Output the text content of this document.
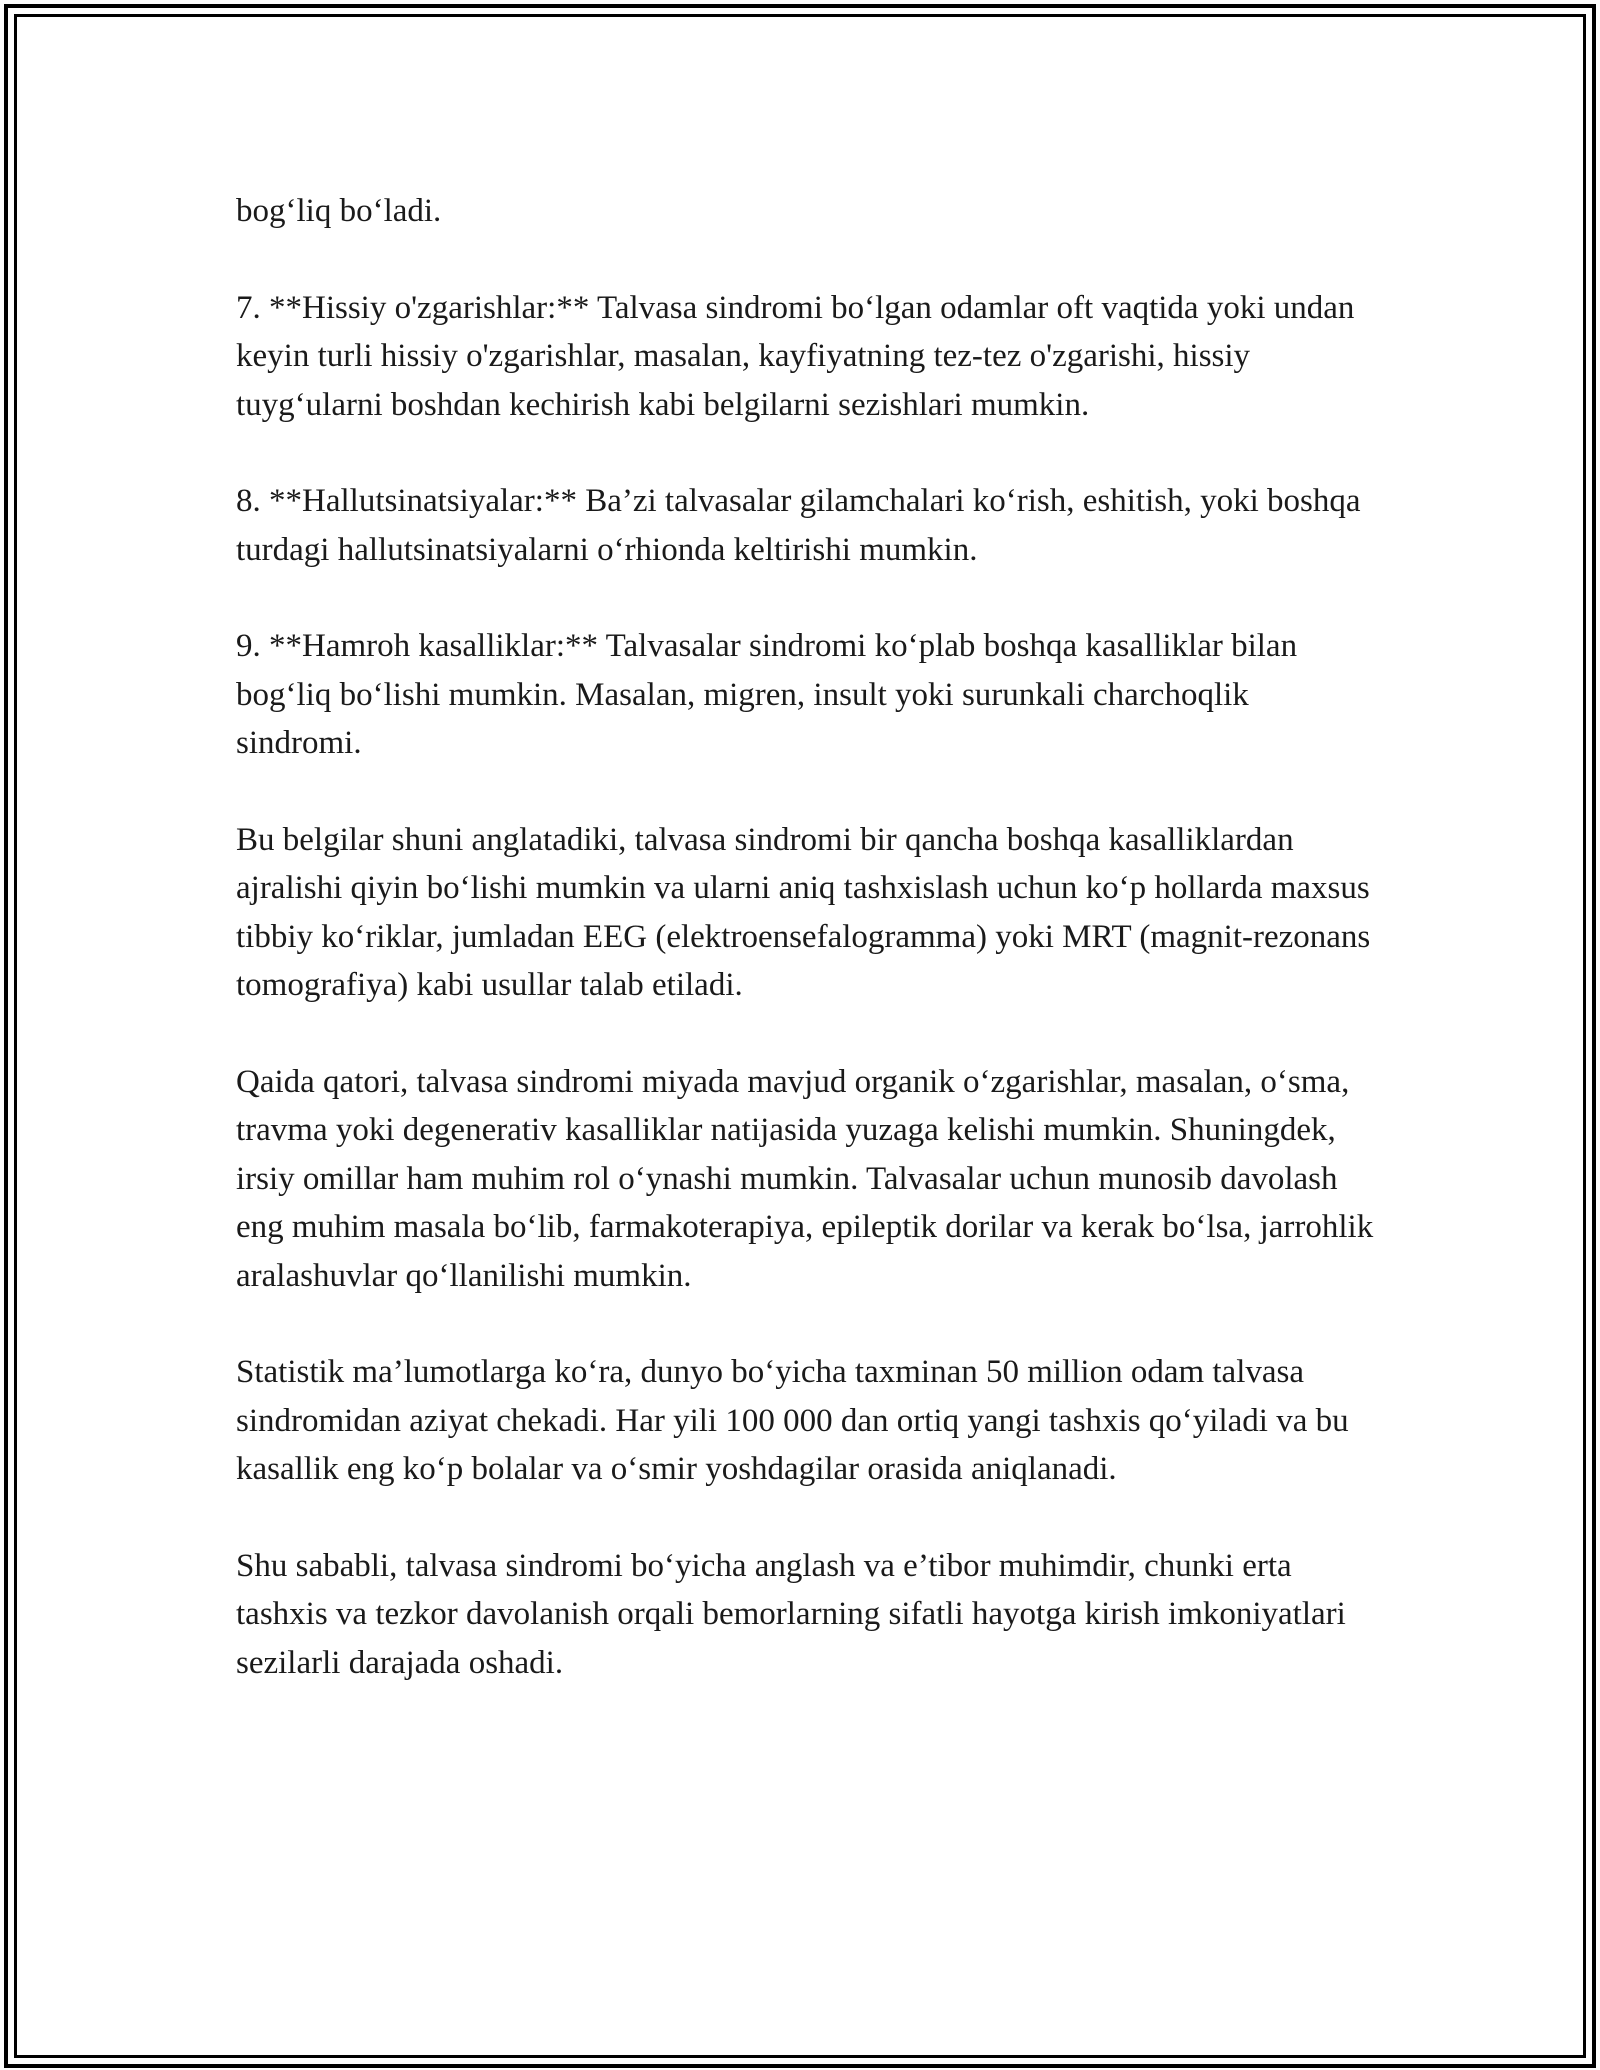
bog‘liq bo‘ladi.

7. **Hissiy o'zgarishlar:** Talvasa sindromi bo‘lgan odamlar oft vaqtida yoki undan keyin turli hissiy o'zgarishlar, masalan, kayfiyatning tez-tez o'zgarishi, hissiy tuyg‘ularni boshdan kechirish kabi belgilarni sezishlari mumkin.

8. **Hallutsinatsiyalar:** Ba’zi talvasalar gilamchalari ko‘rish, eshitish, yoki boshqa turdagi hallutsinatsiyalarni o‘rhionda keltirishi mumkin.

9. **Hamroh kasalliklar:** Talvasalar sindromi ko‘plab boshqa kasalliklar bilan bog‘liq bo‘lishi mumkin. Masalan, migren, insult yoki surunkali charchoqlik sindromi.

Bu belgilar shuni anglatadiki, talvasa sindromi bir qancha boshqa kasalliklardan ajralishi qiyin bo‘lishi mumkin va ularni aniq tashxislash uchun ko‘p hollarda maxsus tibbiy ko‘riklar, jumladan EEG (elektroensefalogramma) yoki MRT (magnit-rezonans tomografiya) kabi usullar talab etiladi.

Qaida qatori, talvasa sindromi miyada mavjud organik o‘zgarishlar, masalan, o‘sma, travma yoki degenerativ kasalliklar natijasida yuzaga kelishi mumkin. Shuningdek, irsiy omillar ham muhim rol o‘ynashi mumkin. Talvasalar uchun munosib davolash eng muhim masala bo‘lib, farmakoterapiya, epileptik dorilar va kerak bo‘lsa, jarrohlik aralashuvlar qo‘llanilishi mumkin.

Statistik ma’lumotlarga ko‘ra, dunyo bo‘yicha taxminan 50 million odam talvasa sindromidan aziyat chekadi. Har yili 100 000 dan ortiq yangi tashxis qo‘yiladi va bu kasallik eng ko‘p bolalar va o‘smir yoshdagilar orasida aniqlanadi.

Shu sababli, talvasa sindromi bo‘yicha anglash va e’tibor muhimdir, chunki erta tashxis va tezkor davolanish orqali bemorlarning sifatli hayotga kirish imkoniyatlari sezilarli darajada oshadi.
